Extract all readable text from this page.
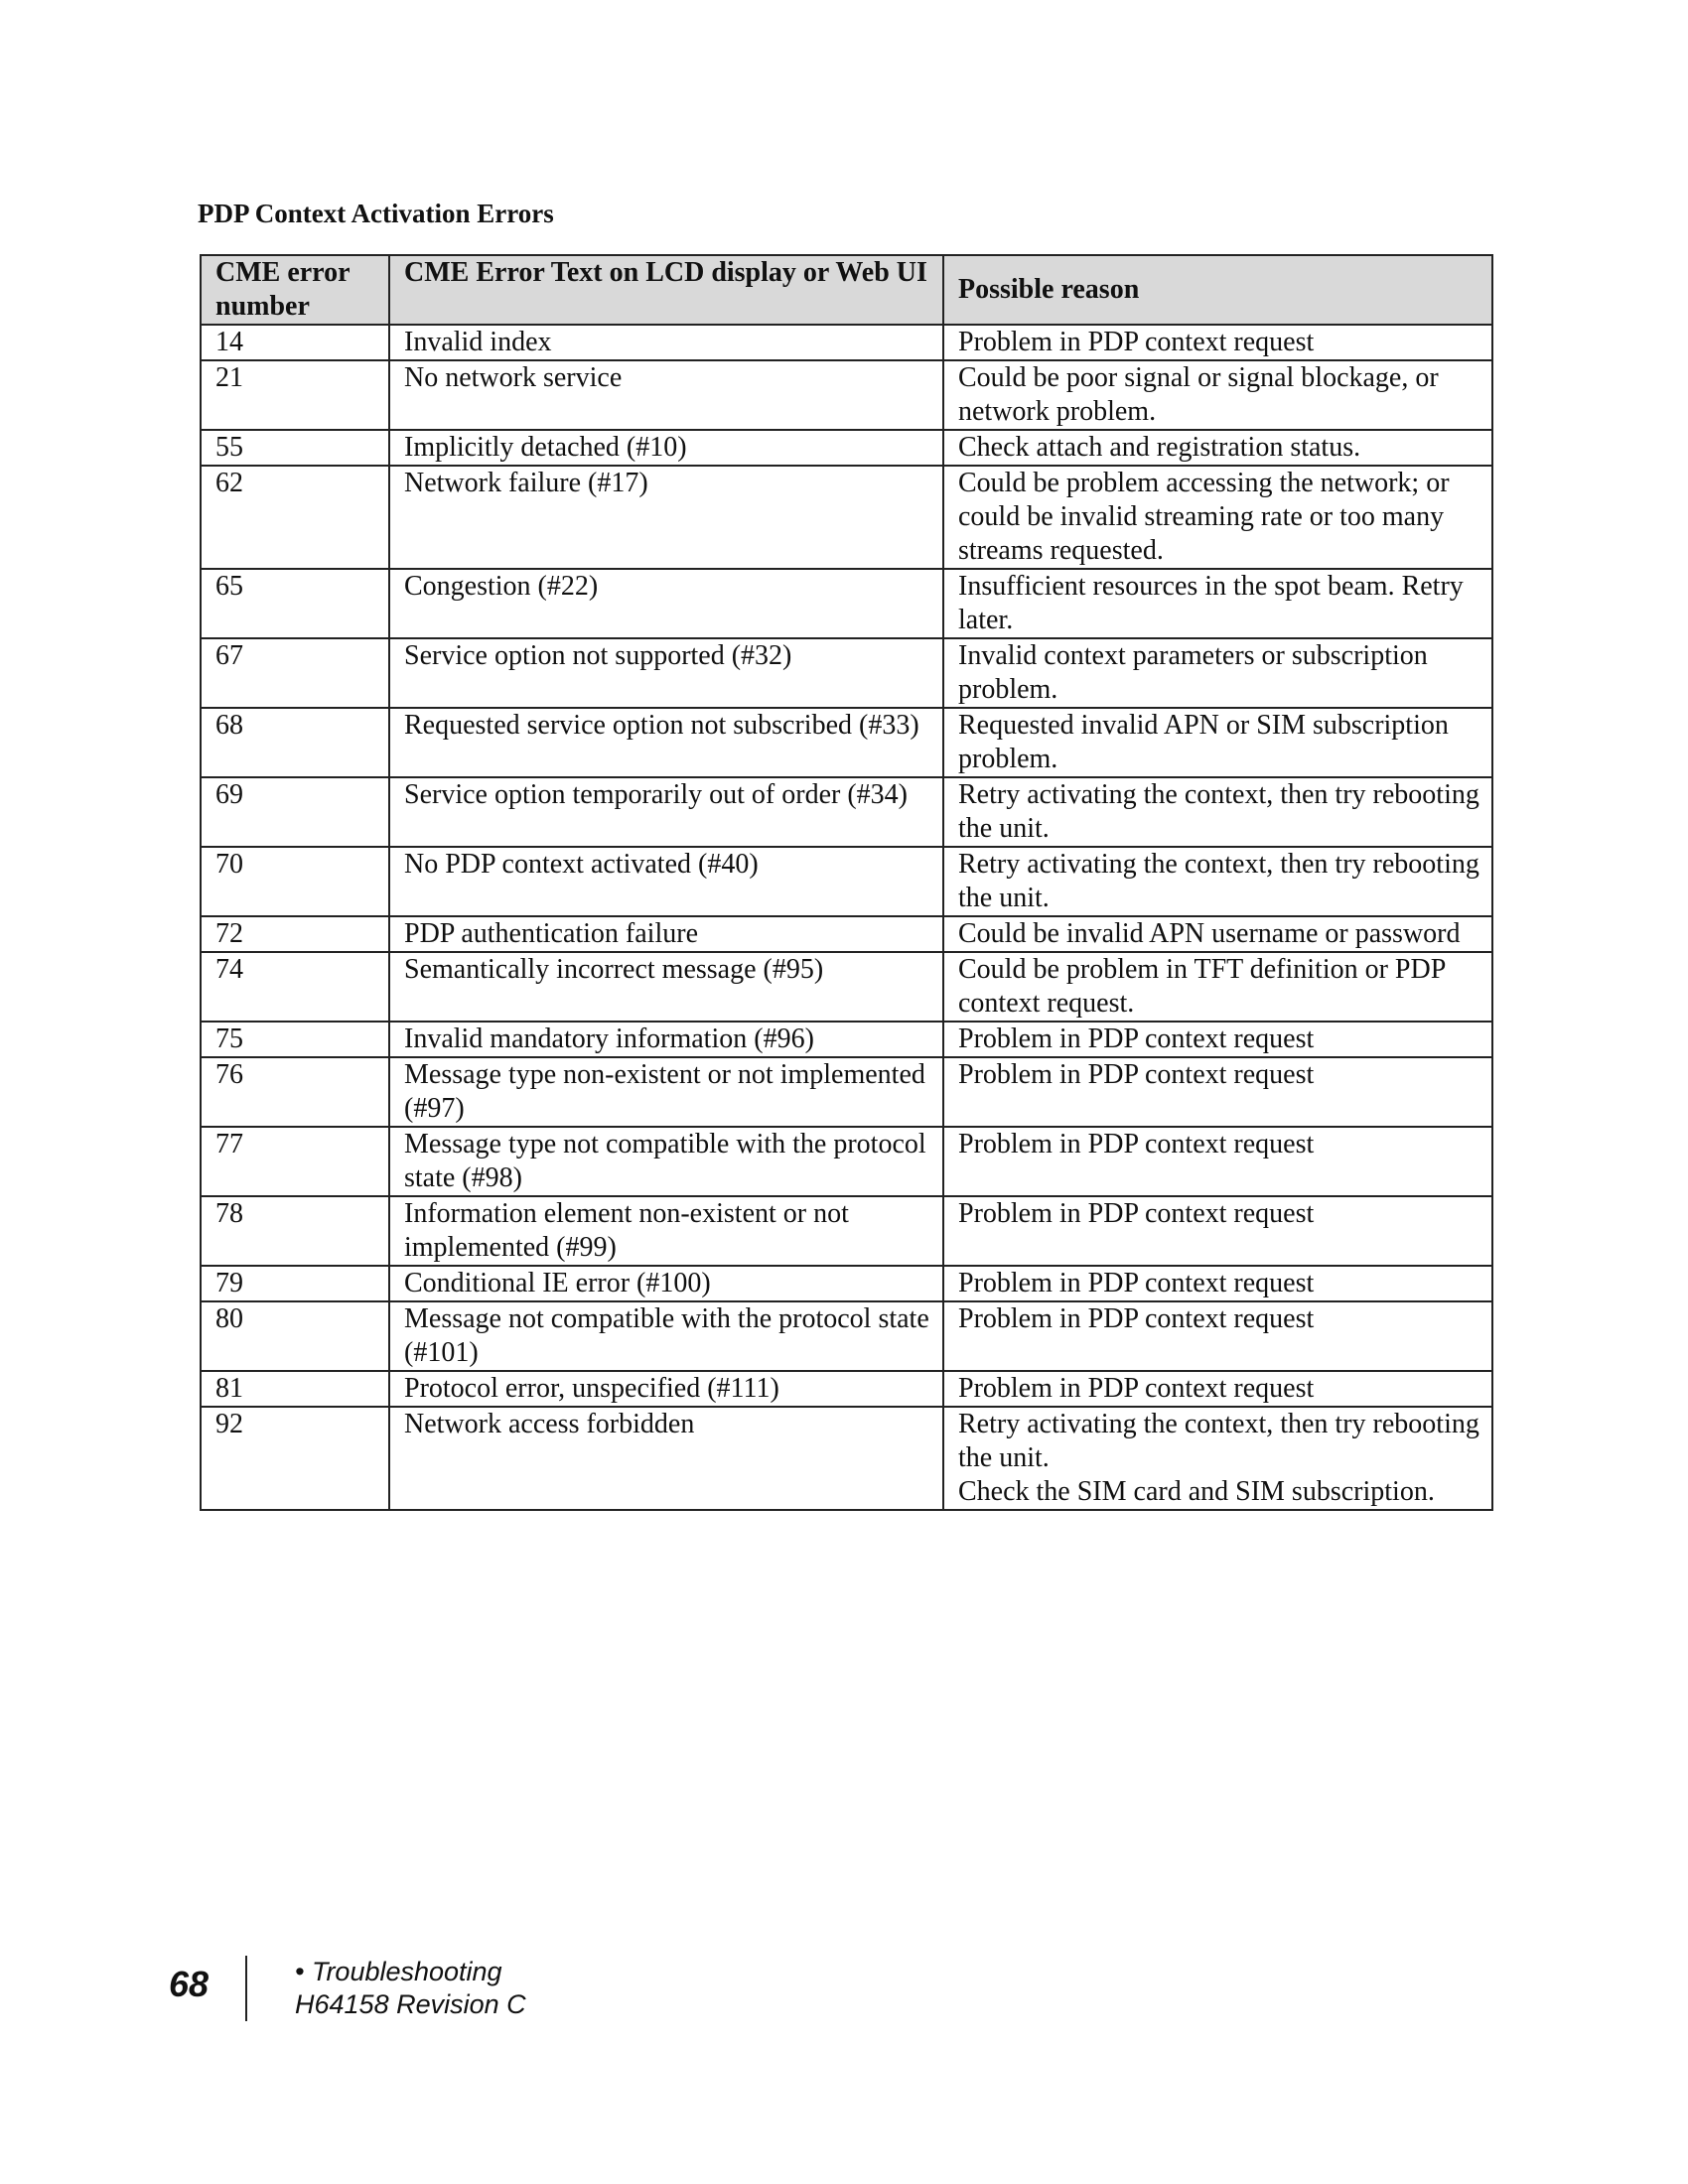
PDP Context Activation Errors
CME error number	CME Error Text on LCD display or Web UI	Possible reason
14	Invalid index	Problem in PDP context request

21	No network service	Could be poor signal or signal blockage, or network problem.

55	Implicitly detached (#10)	Check attach and registration status.

62	Network failure (#17)	Could be problem accessing the network; or could be invalid streaming rate or too many streams requested.

65	Congestion (#22)	Insufficient resources in the spot beam. Retry later.

67	Service option not supported (#32)	Invalid context parameters or subscription problem.

68	Requested service option not subscribed (#33)	Requested invalid APN or SIM subscription problem.

69	Service option temporarily out of order (#34)	Retry activating the context, then try rebooting the unit.

70	No PDP context activated (#40)	Retry activating the context, then try rebooting the unit.

72	PDP authentication failure	Could be invalid APN username or password

74	Semantically incorrect message (#95)	Could be problem in TFT definition or PDP context request.

75	Invalid mandatory information (#96)	Problem in PDP context request

76	Message type non-existent or not implemented (#97)	Problem in PDP context request

77	Message type not compatible with the protocol state (#98)	Problem in PDP context request

78	Information element non-existent or not implemented (#99)	Problem in PDP context request

79	Conditional IE error (#100)	Problem in PDP context request

80	Message not compatible with the protocol state (#101)	Problem in PDP context request

81	Protocol error, unspecified (#111)	Problem in PDP context request

92	Network access forbidden	Retry activating the context, then try rebooting the unit.
Check the SIM card and SIM subscription.
68	• Troubleshooting
H64158 Revision C
